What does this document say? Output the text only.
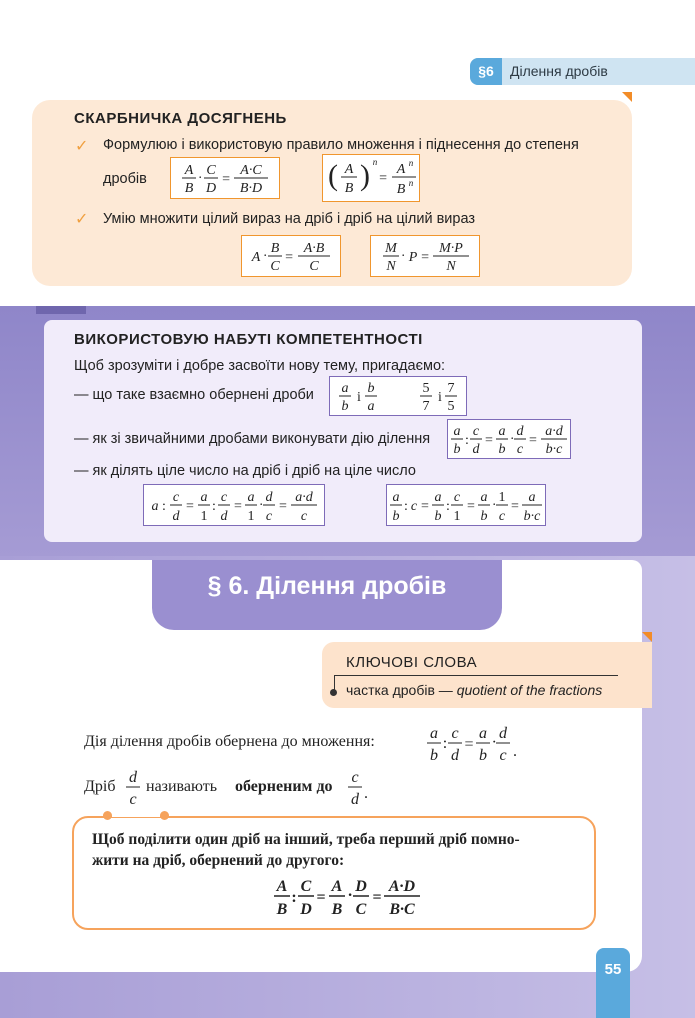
§6	Ділення дробів
СКАРБНИЧКА ДОСЯГНЕНЬ
✓ Формулюю і використовую правило множення і піднесення до степеня
дробів
A
B
·
C
D
=
A·C
B·D ( A
B ) n
=
A n
B n
✓ Умію множити цілий вираз на дріб і дріб на цілий вираз
A ·
B
C
=
A·B
C
M
N
· P =
M·P
N
ВИКОРИСТОВУЮ НАБУТІ КОМПЕТЕНТНОСТІ
Щоб зрозуміти і добре засвоїти нову тему, пригадаємо:
— що таке взаємно обернені дроби a
b
і
b
a
5
7
і
7
5
— як зі звичайними дробами виконувати дію ділення a
b
:
c
d
=
a
b
·
d
c
=
a·d
b·c
— як ділять ціле число на дріб і дріб на ціле число
a :
c
d
=
a
1
:
c
d
=
a
1
·
d
c
=
a·d
c
a
b
: c =
a
b
:
c
1
=
a
b
·
1
c
=
a
b·c
§ 6. Ділення дробів
КЛЮЧОВІ СЛОВА
частка дробів — quotient of the fractions
Дія ділення дробів обернена до множення:	a
b
:
c
d
=
a
b
·
d
c .
Дріб
d
c
називають оберненим до
c
d .
Щоб поділити один дріб на інший, треба перший дріб помно-
жити на дріб, обернений до другого:
A
B
:
C
D
=
A
B
·
D
C
=
A·D
B·C
55
